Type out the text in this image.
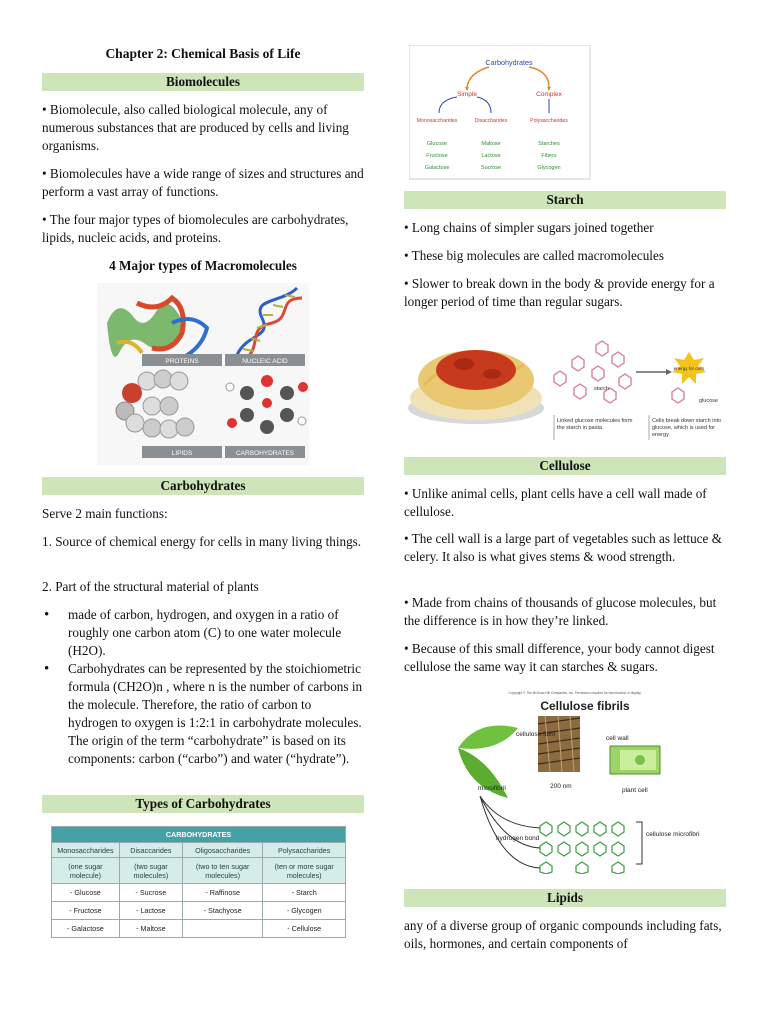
Chapter 2: Chemical Basis of Life
Biomolecules
• Biomolecule, also called biological molecule, any of numerous substances that are produced by cells and living organisms.
• Biomolecules have a wide range of sizes and structures and perform a vast array of functions.
• The four major types of biomolecules are carbohydrates, lipids, nucleic acids, and proteins.
4 Major types of Macromolecules
PROTEINS	NUCLEIC ACID
LIPIDS	CARBOHYDRATES
Carbohydrates
Serve 2 main functions:
1. Source of chemical energy for cells in many living things.
2. Part of the structural material of plants
• made of carbon, hydrogen, and oxygen in a ratio of roughly one carbon atom (C) to one water molecule (H2O).
• Carbohydrates can be represented by the stoichiometric formula (CH2O)n , where n is the number of carbons in the molecule. Therefore, the ratio of carbon to hydrogen to oxygen is 1:2:1 in carbohydrate molecules. The origin of the term “carbohydrate” is based on its components: carbon (“carbo”) and water (“hydrate”).
Types of Carbohydrates
CARBOHYDRATES			
Monosaccharides	Disaccarides	Oligosaccharides	Polysaccharides
(one sugar molecule)	(two sugar molecules)	(two to ten sugar molecules)	(ten or more sugar molecules)
- Glucose	- Sucrose	- Raffinose	- Starch
- Fructose	- Lactose	- Stachyose	- Glycogen
- Galactose	- Maltose		- Cellulose
Carbohydrates
Simple	Complex
Monosaccharides	Disaccharides	Polysaccharides
Glucose
Fructose
Galactose
Maltose
Lactose
Sucrose
Starches
Fibers
Glycogen
Starch
• Long chains of simpler sugars joined together
• These big molecules are called macromolecules
• Slower to break down in the body & provide energy for a longer period of time than regular sugars.
starch
energy for cells
glucose
Linked glucose molecules form the starch in pasta.
Cells break down starch into glucose, which is used for energy.
Cellulose
• Unlike animal cells, plant cells have a cell wall made of cellulose.
• The cell wall is a large part of vegetables such as lettuce & celery. It also is what gives stems & wood strength.
• Made from chains of thousands of glucose molecules, but the difference is in how they’re linked.
• Because of this small difference, your body cannot digest cellulose the same way it can starches & sugars.
Copyright © The McGraw-Hill Companies, Inc. Permission required for reproduction or display.
Cellulose fibrils
cellulose fibril
cell wall
microfibril	200 nm
plant cell
hydrogen bond
cellulose microfibril
Lipids
any of a diverse group of organic compounds including fats, oils, hormones, and certain components of
